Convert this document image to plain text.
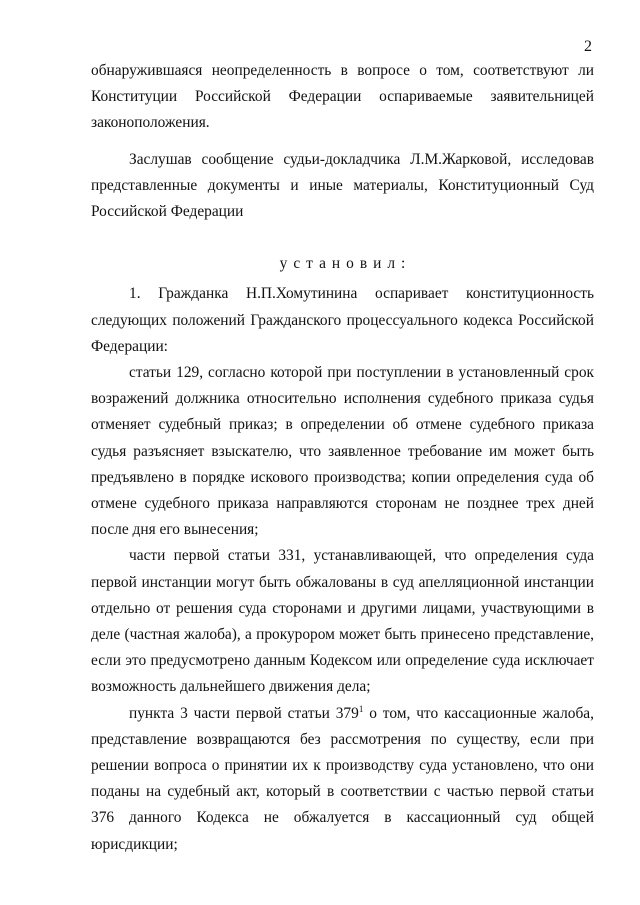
2

обнаружившаяся неопределенность в вопросе о том, соответствуют ли Конституции Российской Федерации оспариваемые заявительницей законоположения.

Заслушав сообщение судьи-докладчика Л.М.Жарковой, исследовав представленные документы и иные материалы, Конституционный Суд Российской Федерации

установил:

1. Гражданка Н.П.Хомутинина оспаривает конституционность следующих положений Гражданского процессуального кодекса Российской Федерации:

статьи 129, согласно которой при поступлении в установленный срок возражений должника относительно исполнения судебного приказа судья отменяет судебный приказ; в определении об отмене судебного приказа судья разъясняет взыскателю, что заявленное требование им может быть предъявлено в порядке искового производства; копии определения суда об отмене судебного приказа направляются сторонам не позднее трех дней после дня его вынесения;

части первой статьи 331, устанавливающей, что определения суда первой инстанции могут быть обжалованы в суд апелляционной инстанции отдельно от решения суда сторонами и другими лицами, участвующими в деле (частная жалоба), а прокурором может быть принесено представление, если это предусмотрено данным Кодексом или определение суда исключает возможность дальнейшего движения дела;

пункта 3 части первой статьи $379^1$ о том, что кассационные жалоба, представление возвращаются без рассмотрения по существу, если при решении вопроса о принятии их к производству суда установлено, что они поданы на судебный акт, который в соответствии с частью первой статьи 376 данного Кодекса не обжалуется в кассационный суд общей юрисдикции;
